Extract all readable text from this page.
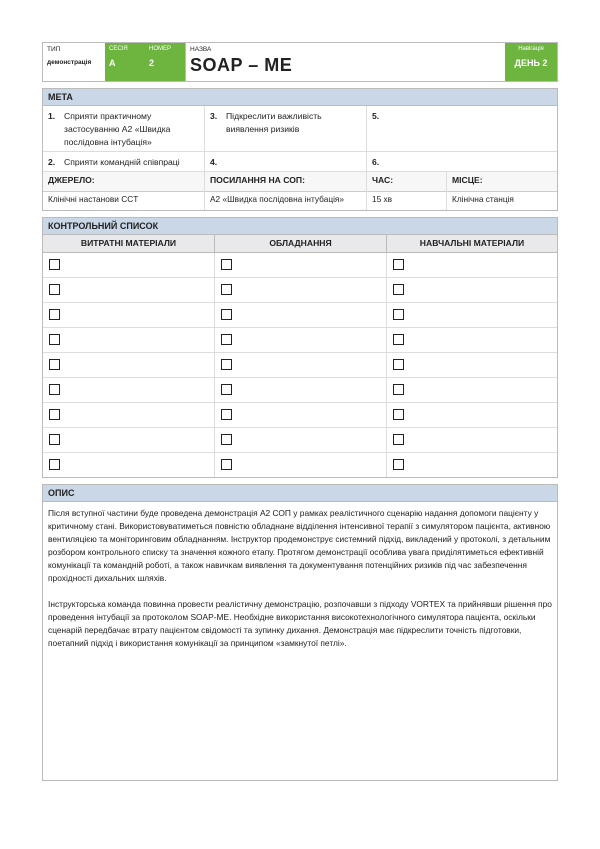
ТИП
демонстрація
СЕСІЯ
A
НОМЕР
2
НАЗВА
SOAP – ME
Навігація
ДЕНЬ 2
МЕТА
1.	Сприяти практичному застосуванню A2 «Швидка послідовна інтубація»
3.	Підкреслити важливість виявлення ризиків
5.
2.	Сприяти командній співпраці	4.	6.
ДЖЕРЕЛО:
Клінічні настанови CCT
ПОСИЛАННЯ НА СОП:
A2 «Швидка послідовна інтубація»
ЧАС:
15 хв
МІСЦЕ:
Клінічна станція
КОНТРОЛЬНИЙ СПИСОК
ВИТРАТНІ МАТЕРІАЛИ	ОБЛАДНАННЯ	НАВЧАЛЬНІ МАТЕРІАЛИ
ОПИС

Після вступної частини буде проведена демонстрація A2 СОП у рамках реалістичного сценарію надання допомоги пацієнту у критичному стані. Використовуватиметься повністю обладнане відділення інтенсивної терапії з симулятором пацієнта, активною вентиляцією та моніторинговим обладнанням. Інструктор продемонструє системний підхід, викладений у протоколі, з детальним розбором контрольного списку та значення кожного етапу. Протягом демонстрації особлива увага приділятиметься ефективній комунікації та командній роботі, а також навичкам виявлення та документування потенційних ризиків під час забезпечення прохідності дихальних шляхів.

Інструкторська команда повинна провести реалістичну демонстрацію, розпочавши з підходу VORTEX та прийнявши рішення про проведення інтубації за протоколом SOAP-ME. Необхідне використання високотехнологічного симулятора пацієнта, оскільки сценарій передбачає втрату пацієнтом свідомості та зупинку дихання. Демонстрація має підкреслити точність підготовки, поетапний підхід і використання комунікації за принципом «замкнутої петлі».
